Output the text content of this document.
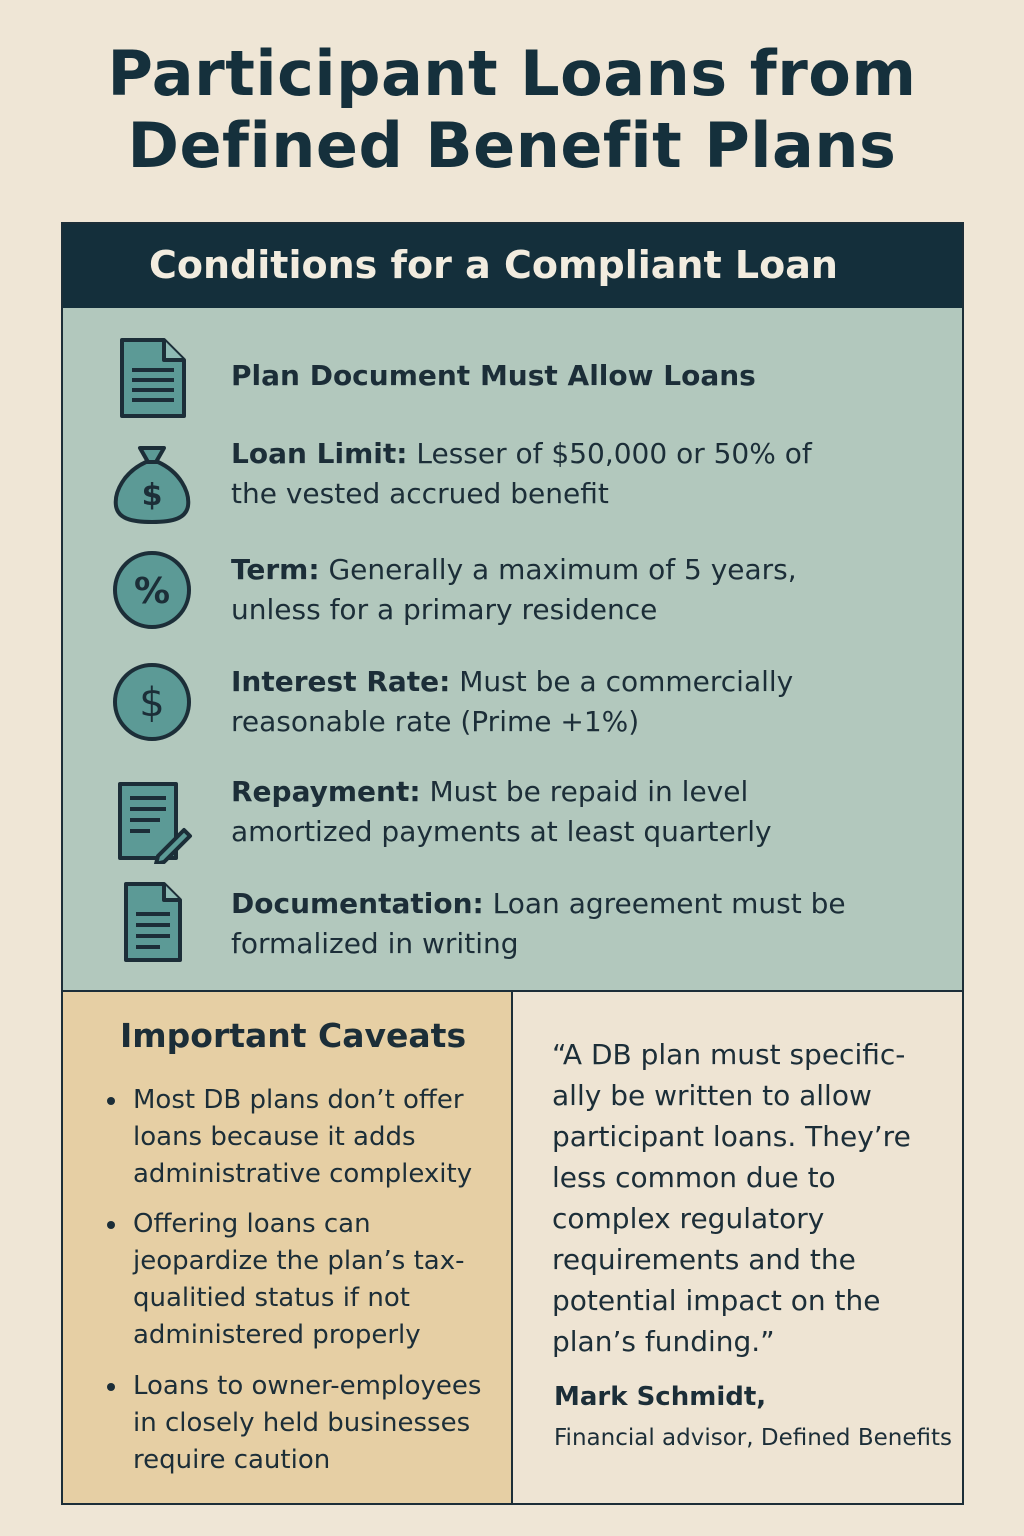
Participant Loans from
Defined Benefit Plans
Conditions for a Compliant Loan
Plan Document Must Allow Loans
$
Loan Limit: Lesser of $50,000 or 50% of the vested accrued benefit
%
Term: Generally a maximum of 5 years, unless for a primary residence
$ Interest Rate: Must be a commercially reasonable rate (Prime +1%)
Repayment: Must be repaid in level amortized payments at least quarterly
Documentation: Loan agreement must be formalized in writing
Important Caveats
Most DB plans don’t offer loans because it adds administrative complexity
Offering loans can jeopardize the plan’s tax-qualitied status if not administered properly
Loans to owner-employees in closely held businesses require caution
“A DB plan must specific-ally be written to allow participant loans. They’re less common due to complex regulatory requirements and the potential impact on the plan’s funding.”
Mark Schmidt,
Financial advisor, Defined Benefits
